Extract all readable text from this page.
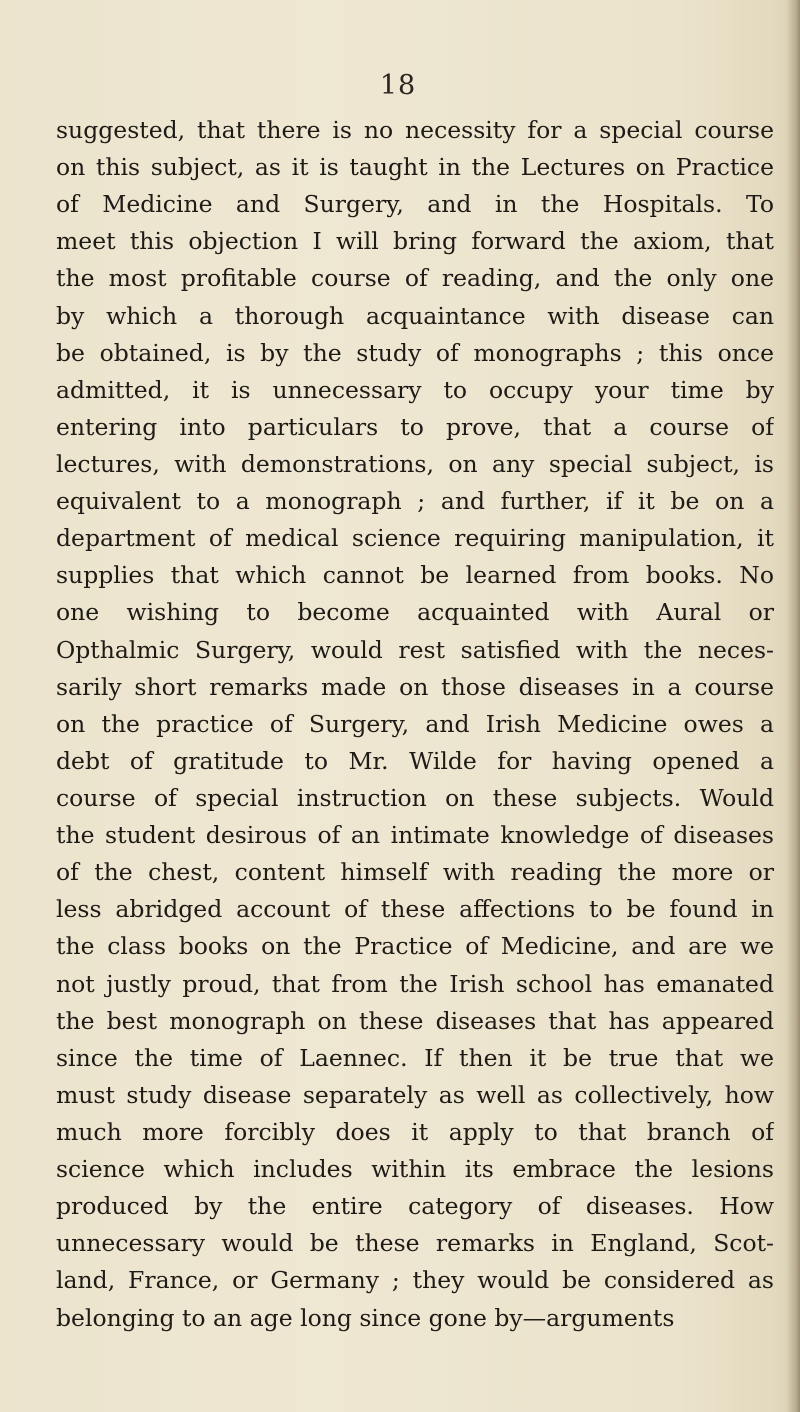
18
suggested, that there is no necessity for a special course
on this subject, as it is taught in the Lectures on Practice
of Medicine and Surgery, and in the Hospitals. To
meet this objection I will bring forward the axiom, that
the most profitable course of reading, and the only one
by which a thorough acquaintance with disease can
be obtained, is by the study of monographs ; this once
admitted, it is unnecessary to occupy your time by
entering into particulars to prove, that a course of
lectures, with demonstrations, on any special subject, is
equivalent to a monograph ; and further, if it be on a
department of medical science requiring manipulation, it
supplies that which cannot be learned from books. No
one wishing to become acquainted with Aural or
Opthalmic Surgery, would rest satisfied with the neces-
sarily short remarks made on those diseases in a course
on the practice of Surgery, and Irish Medicine owes a
debt of gratitude to Mr. Wilde for having opened a
course of special instruction on these subjects. Would
the student desirous of an intimate knowledge of diseases
of the chest, content himself with reading the more or
less abridged account of these affections to be found in
the class books on the Practice of Medicine, and are we
not justly proud, that from the Irish school has emanated
the best monograph on these diseases that has appeared
since the time of Laennec. If then it be true that we
must study disease separately as well as collectively, how
much more forcibly does it apply to that branch of
science which includes within its embrace the lesions
produced by the entire category of diseases. How
unnecessary would be these remarks in England, Scot-
land, France, or Germany ; they would be considered as
belonging to an age long since gone by—arguments
